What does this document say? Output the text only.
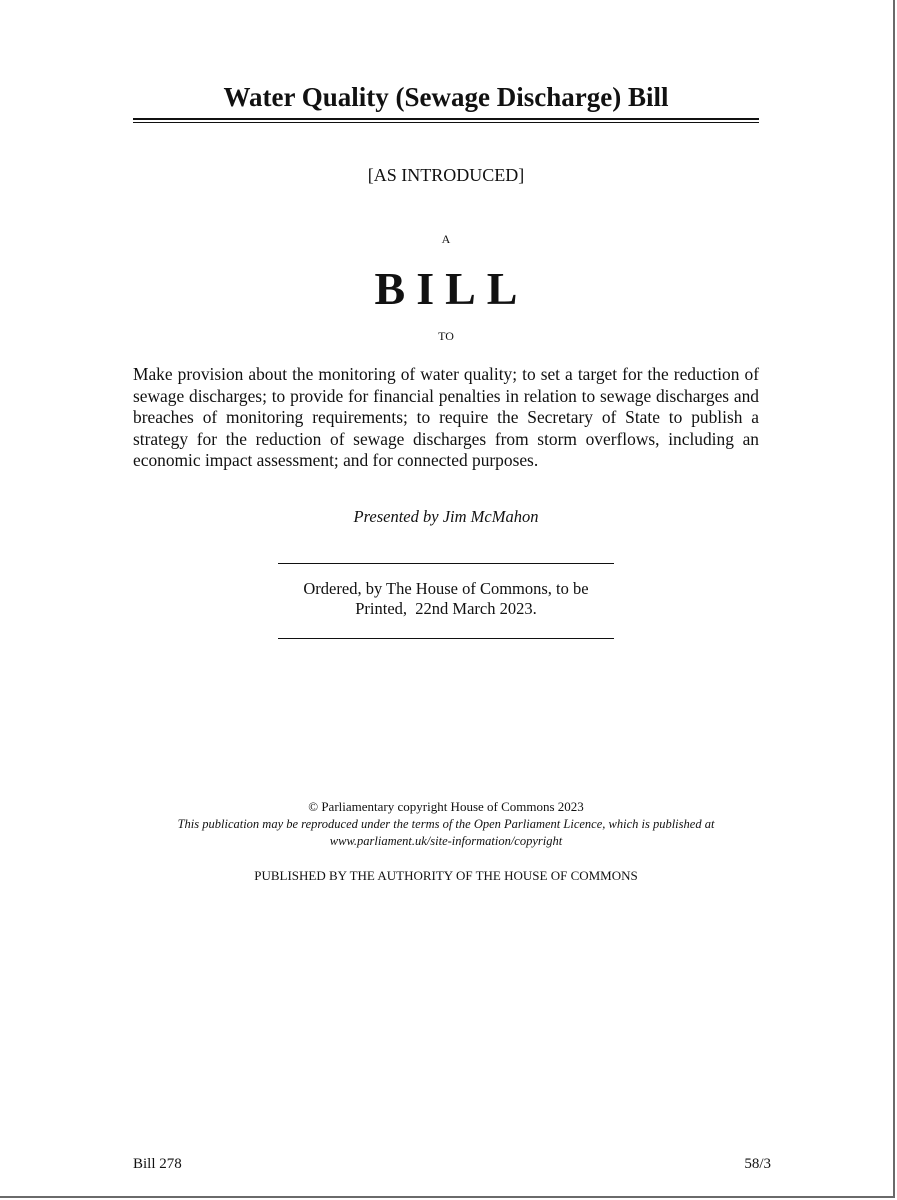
Water Quality (Sewage Discharge) Bill
[AS INTRODUCED]
A
BILL
TO
Make provision about the monitoring of water quality; to set a target for the reduction of sewage discharges; to provide for financial penalties in relation to sewage discharges and breaches of monitoring requirements; to require the Secretary of State to publish a strategy for the reduction of sewage discharges from storm overflows, including an economic impact assessment; and for connected purposes.
Presented by Jim McMahon
Ordered, by The House of Commons, to be
Printed,  22nd March 2023.
© Parliamentary copyright House of Commons 2023
This publication may be reproduced under the terms of the Open Parliament Licence, which is published at
www.parliament.uk/site-information/copyright
PUBLISHED BY THE AUTHORITY OF THE HOUSE OF COMMONS
Bill 278	58/3
